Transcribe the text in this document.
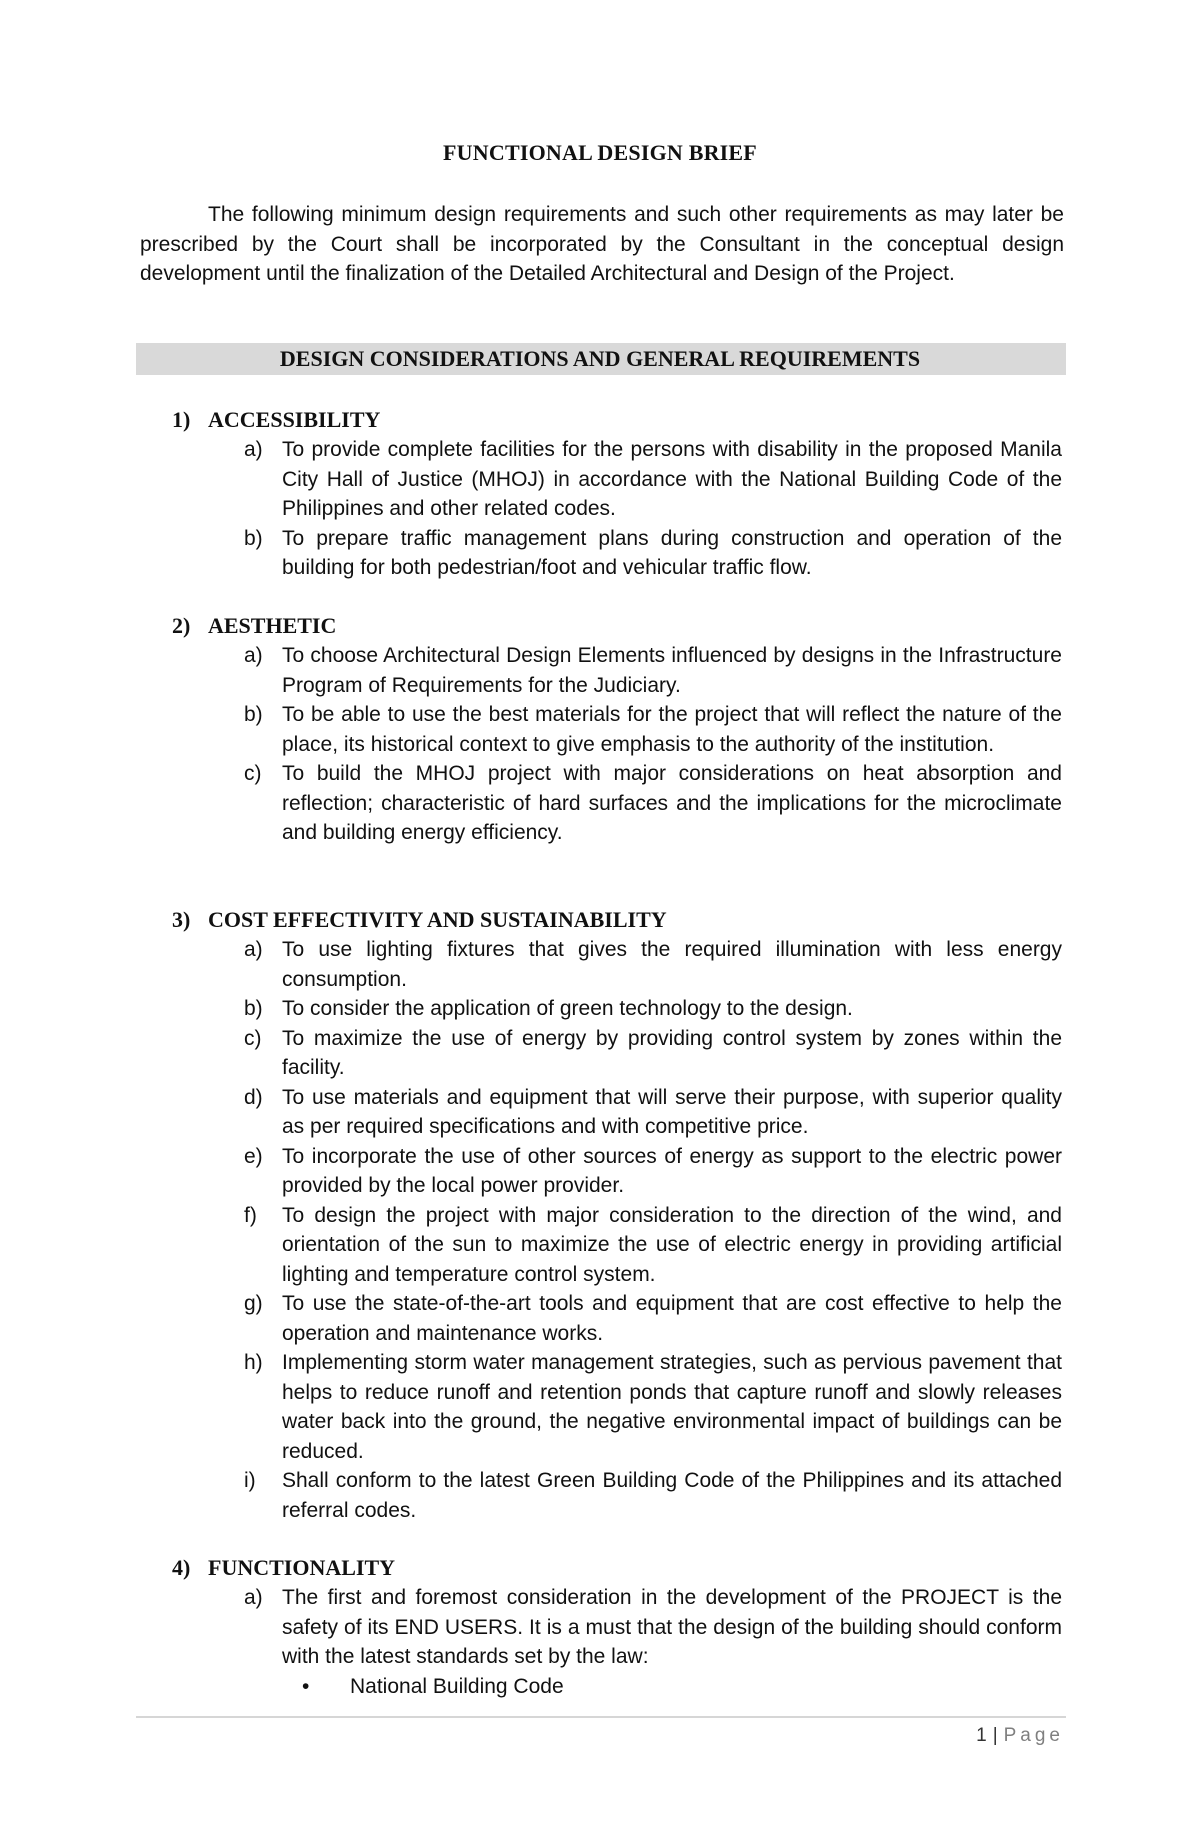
FUNCTIONAL DESIGN BRIEF

The following minimum design requirements and such other requirements as may later be prescribed by the Court shall be incorporated by the Consultant in the conceptual design development until the finalization of the Detailed Architectural and Design of the Project.

DESIGN CONSIDERATIONS AND GENERAL REQUIREMENTS
1) ACCESSIBILITY
a) To provide complete facilities for the persons with disability in the proposed Manila City Hall of Justice (MHOJ) in accordance with the National Building Code of the Philippines and other related codes.
b) To prepare traffic management plans during construction and operation of the building for both pedestrian/foot and vehicular traffic flow.
2) AESTHETIC
a) To choose Architectural Design Elements influenced by designs in the Infrastructure Program of Requirements for the Judiciary.
b) To be able to use the best materials for the project that will reflect the nature of the place, its historical context to give emphasis to the authority of the institution.
c) To build the MHOJ project with major considerations on heat absorption and reflection; characteristic of hard surfaces and the implications for the microclimate and building energy efficiency.
3) COST EFFECTIVITY AND SUSTAINABILITY
a) To use lighting fixtures that gives the required illumination with less energy consumption.
b) To consider the application of green technology to the design.
c) To maximize the use of energy by providing control system by zones within the facility.
d) To use materials and equipment that will serve their purpose, with superior quality as per required specifications and with competitive price.
e) To incorporate the use of other sources of energy as support to the electric power provided by the local power provider.
f) To design the project with major consideration to the direction of the wind, and orientation of the sun to maximize the use of electric energy in providing artificial lighting and temperature control system.
g) To use the state-of-the-art tools and equipment that are cost effective to help the operation and maintenance works.
h) Implementing storm water management strategies, such as pervious pavement that helps to reduce runoff and retention ponds that capture runoff and slowly releases water back into the ground, the negative environmental impact of buildings can be reduced.
i) Shall conform to the latest Green Building Code of the Philippines and its attached referral codes.
4) FUNCTIONALITY
a) The first and foremost consideration in the development of the PROJECT is the safety of its END USERS. It is a must that the design of the building should conform with the latest standards set by the law:
• National Building Code
1 | Page
